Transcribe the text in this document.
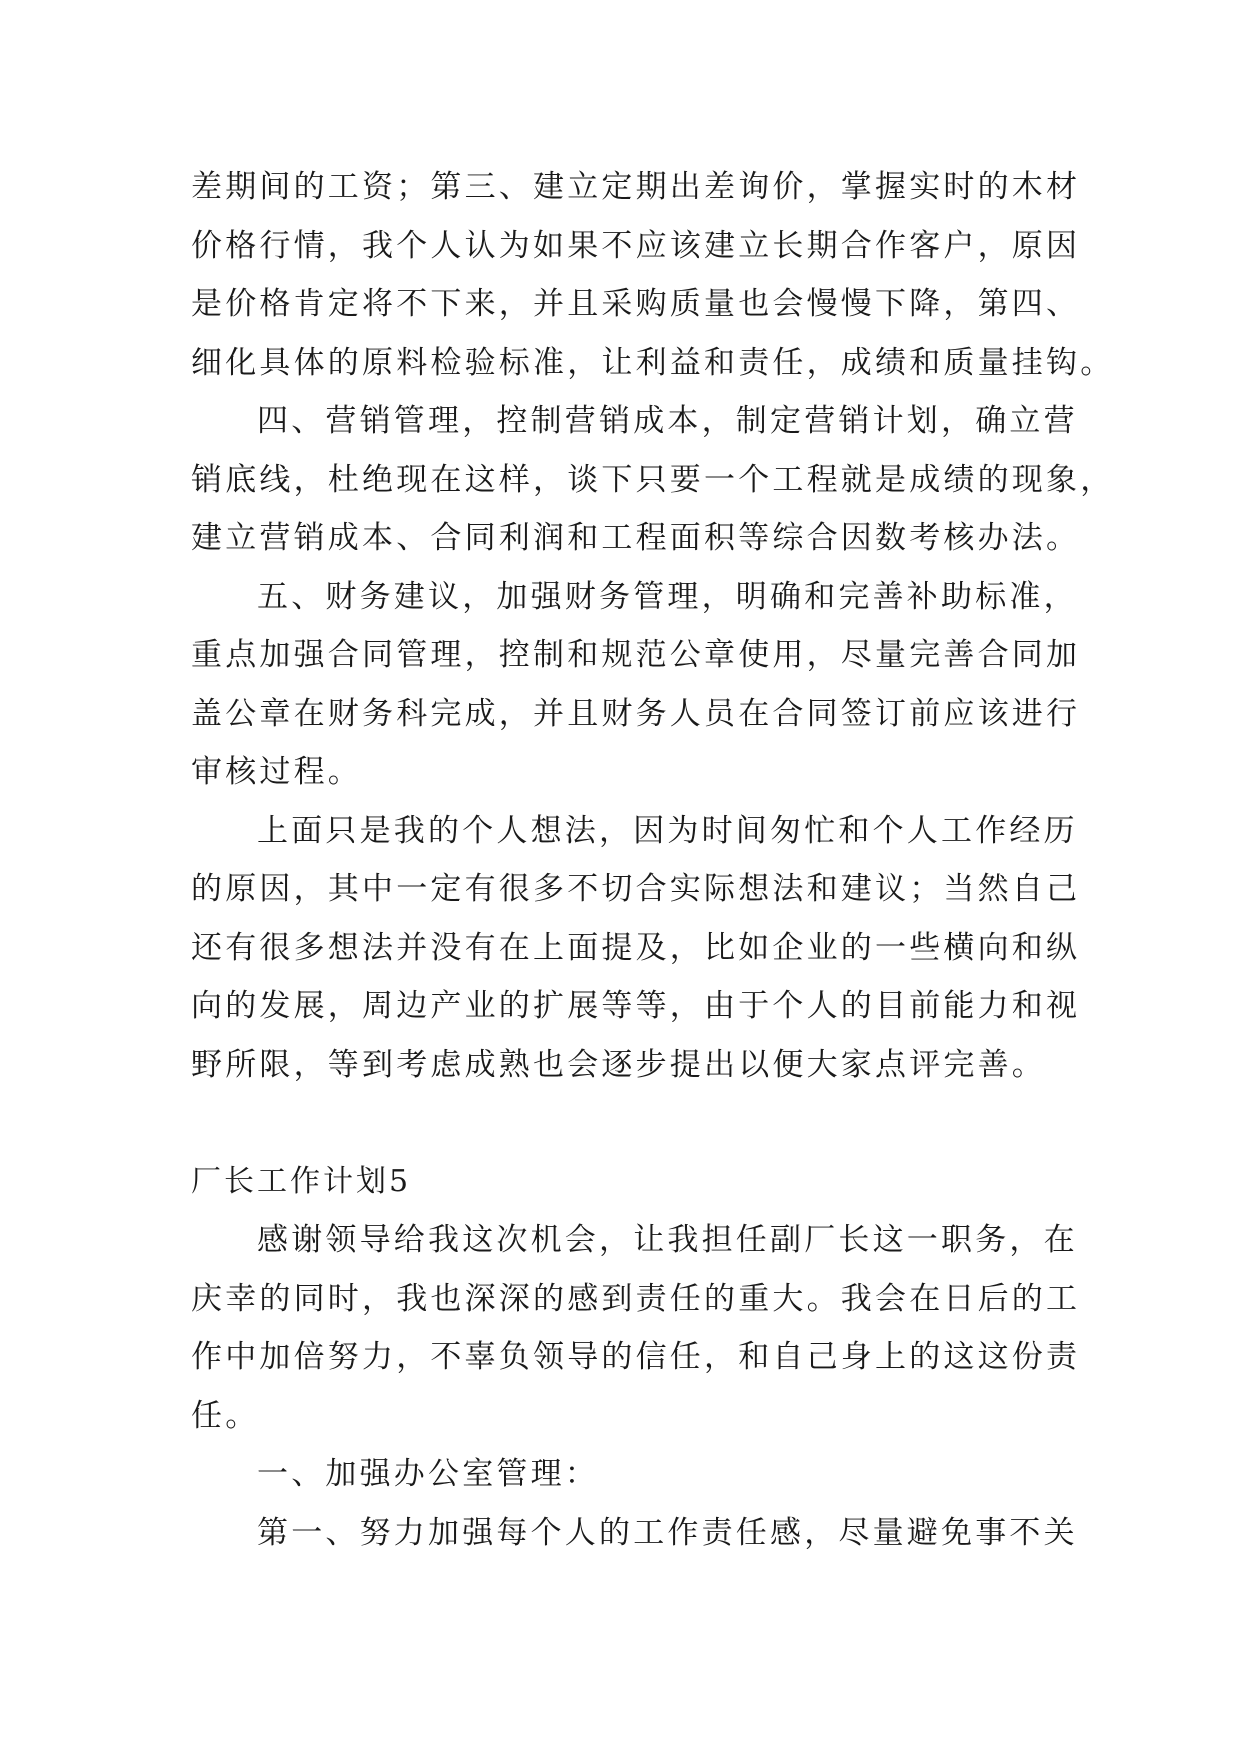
差期间的工资；第三、建立定期出差询价，掌握实时的木材
价格行情，我个人认为如果不应该建立长期合作客户，原因
是价格肯定将不下来，并且采购质量也会慢慢下降，第四、
细化具体的原料检验标准，让利益和责任，成绩和质量挂钩。
四、营销管理，控制营销成本，制定营销计划，确立营
销底线，杜绝现在这样，谈下只要一个工程就是成绩的现象，
建立营销成本、合同利润和工程面积等综合因数考核办法。
五、财务建议，加强财务管理，明确和完善补助标准，
重点加强合同管理，控制和规范公章使用，尽量完善合同加
盖公章在财务科完成，并且财务人员在合同签订前应该进行
审核过程。
上面只是我的个人想法，因为时间匆忙和个人工作经历
的原因，其中一定有很多不切合实际想法和建议；当然自己
还有很多想法并没有在上面提及，比如企业的一些横向和纵
向的发展，周边产业的扩展等等，由于个人的目前能力和视
野所限，等到考虑成熟也会逐步提出以便大家点评完善。
厂长工作计划5
感谢领导给我这次机会，让我担任副厂长这一职务，在
庆幸的同时，我也深深的感到责任的重大。我会在日后的工
作中加倍努力，不辜负领导的信任，和自己身上的这这份责
任。
一、加强办公室管理：
第一、努力加强每个人的工作责任感，尽量避免事不关
